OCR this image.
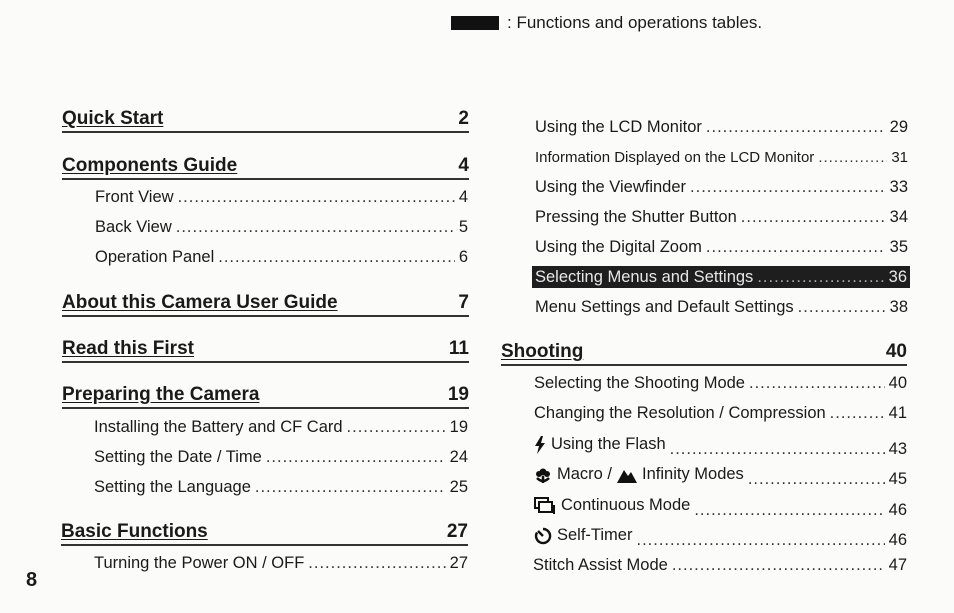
: Functions and operations tables.
Quick Start	2
Components Guide	4
Front View .....	4
Back View .....	5
Operation Panel .....	6
About this Camera User Guide	7
Read this First	11
Preparing the Camera	19
Installing the Battery and CF Card .....	19
Setting the Date / Time .....	24
Setting the Language .....	25
Basic Functions	27
Turning the Power ON / OFF .....	27
Using the LCD Monitor .....	29
Information Displayed on the LCD Monitor .....	31
Using the Viewfinder .....	33
Pressing the Shutter Button .....	34
Using the Digital Zoom .....	35
Selecting Menus and Settings .....	36
Menu Settings and Default Settings .....	38
Shooting	40
Selecting the Shooting Mode .....	40
Changing the Resolution / Compression .....	41
Using the Flash .....	43
Macro / Infinity Modes .....	45
Continuous Mode .....	46
Self-Timer .....	46
Stitch Assist Mode .....	47
8
